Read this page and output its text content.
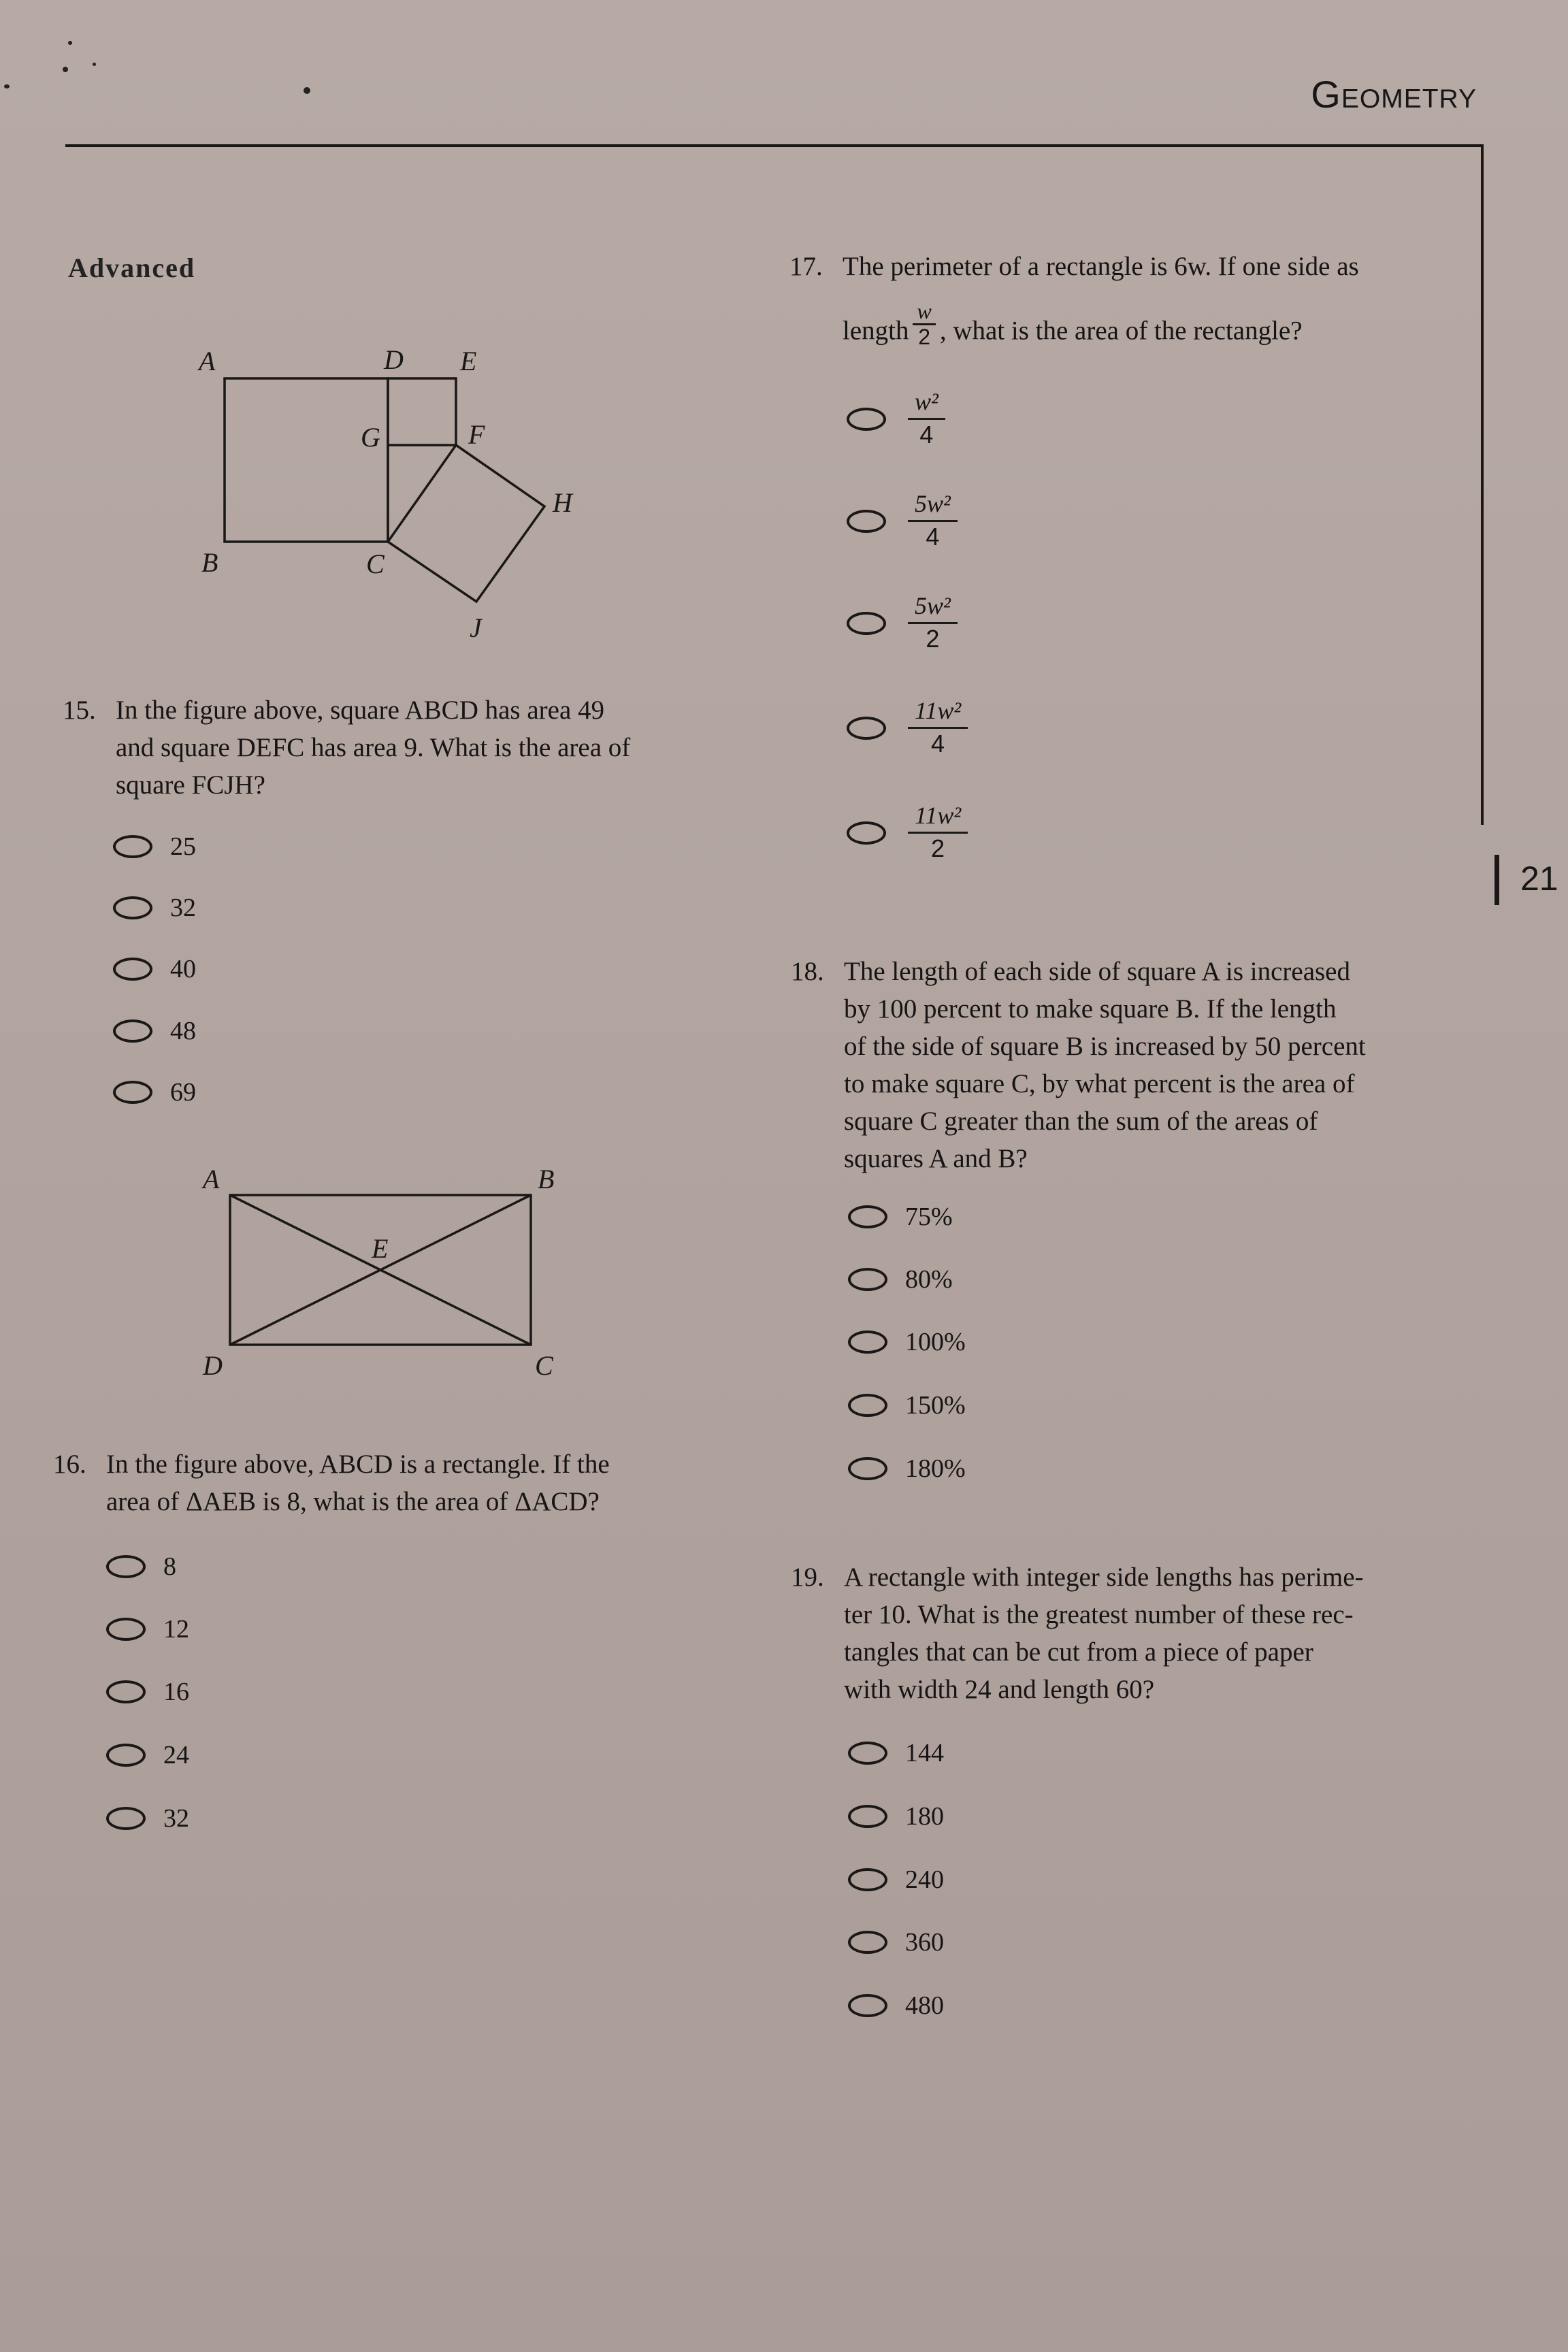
Geometry
21
Advanced
A	D E
G	F
H
B	C
J
15. In the figure above, square ABCD has area 49
and square DEFC has area 9. What is the area of
square FCJH?
25
32
40
48
69
A	B
E
D	C
16. In the figure above, ABCD is a rectangle. If the
area of ΔAEB is 8, what is the area of ΔACD?
8
12
16
24
32
17. The perimeter of a rectangle is 6w. If one side as
length $\frac{w}{2}$ , what is the area of the rectangle?
$\frac{\text{w²}}{4}$
$\frac{\text{5w²}}{4}$
$\frac{\text{5w²}}{2}$
$\frac{\text{11w²}}{4}$
$\frac{\text{11w²}}{2}$
18. The length of each side of square A is increased
by 100 percent to make square B. If the length
of the side of square B is increased by 50 percent
to make square C, by what percent is the area of
square C greater than the sum of the areas of
squares A and B?
75%
80%
100%
150%
180%
19. A rectangle with integer side lengths has perime-
ter 10. What is the greatest number of these rec-
tangles that can be cut from a piece of paper
with width 24 and length 60?
144
180
240
360
480
